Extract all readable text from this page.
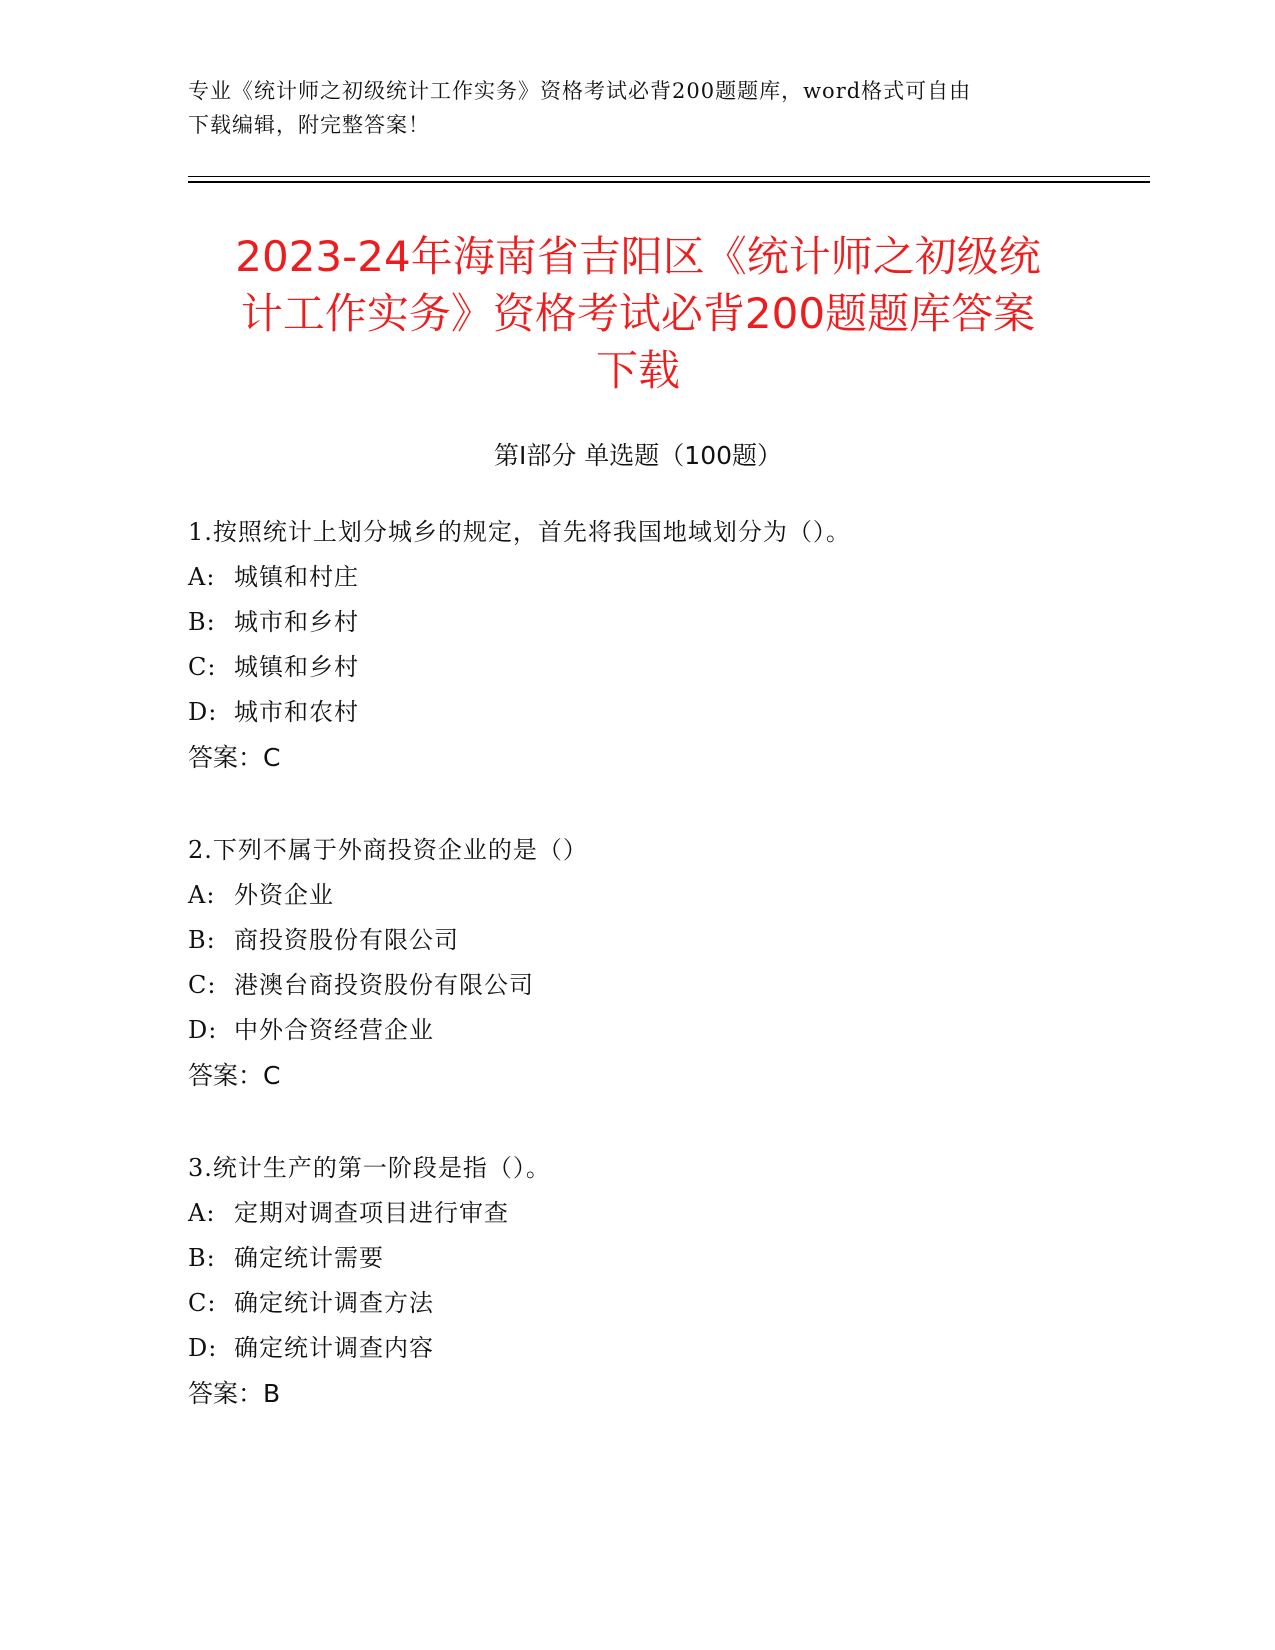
专业《统计师之初级统计工作实务》资格考试必背200题题库，word格式可自由
下载编辑，附完整答案！
2023-24年海南省吉阳区《统计师之初级统
计工作实务》资格考试必背200题题库答案
下载
第Ⅰ部分 单选题（100题）
1.按照统计上划分城乡的规定，首先将我国地域划分为（）。
A: 城镇和村庄
B: 城市和乡村
C: 城镇和乡村
D: 城市和农村
答案：C
2.下列不属于外商投资企业的是（）
A: 外资企业
B: 商投资股份有限公司
C: 港澳台商投资股份有限公司
D: 中外合资经营企业
答案：C
3.统计生产的第一阶段是指（）。
A: 定期对调查项目进行审查
B: 确定统计需要
C: 确定统计调查方法
D: 确定统计调查内容
答案：B
